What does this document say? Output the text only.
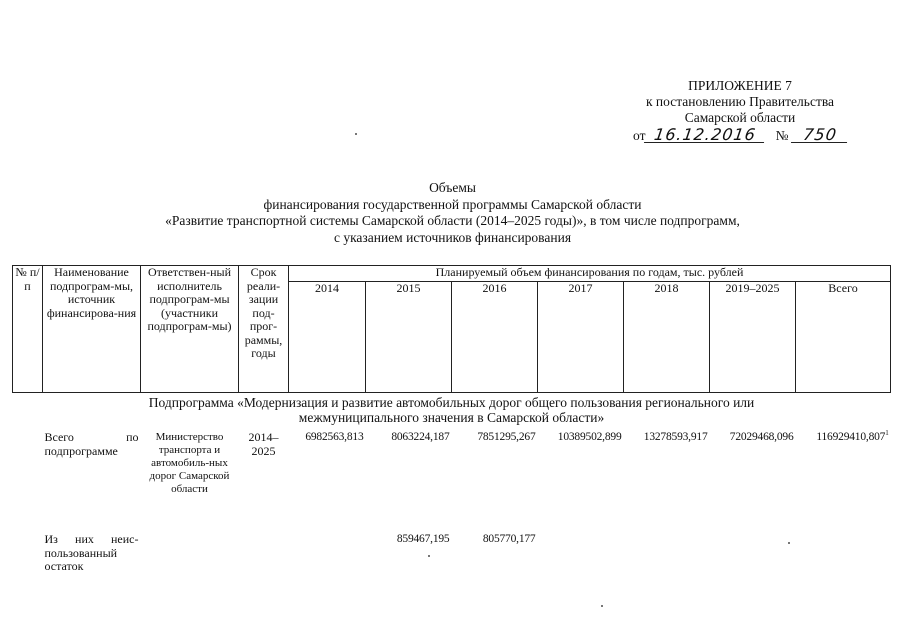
ПРИЛОЖЕНИЕ 7
к постановлению Правительства
Самарской области
от 16.12.2016 № 750
Объемы
финансирования государственной программы Самарской области
«Развитие транспортной системы Самарской области (2014–2025 годы)», в том числе подпрограмм,
с указанием источников финансирования
№ п/п	Наименование подпрограм-мы, источник финансирова-ния	Ответствен-ный исполнитель подпрограм-мы (участники подпрограм-мы)	Срок реали-зации под-прог-раммы, годы	Планируемый объем финансирования по годам, тыс. рублей						
				2014	2015	2016	2017	2018	2019–2025	Всего
Подпрограмма «Модернизация и развитие автомобильных дорог общего пользования регионального или межмуниципального значения в Самарской области»										
	Всего по подпрограмме	Министерство транспорта и автомобиль-ных дорог Самарской области	2014–2025	6982563,813	8063224,187	7851295,267	10389502,899	13278593,917	72029468,096	116929410,807$^1$
	Из них неис-пользованный остаток				859467,195	805770,177				
